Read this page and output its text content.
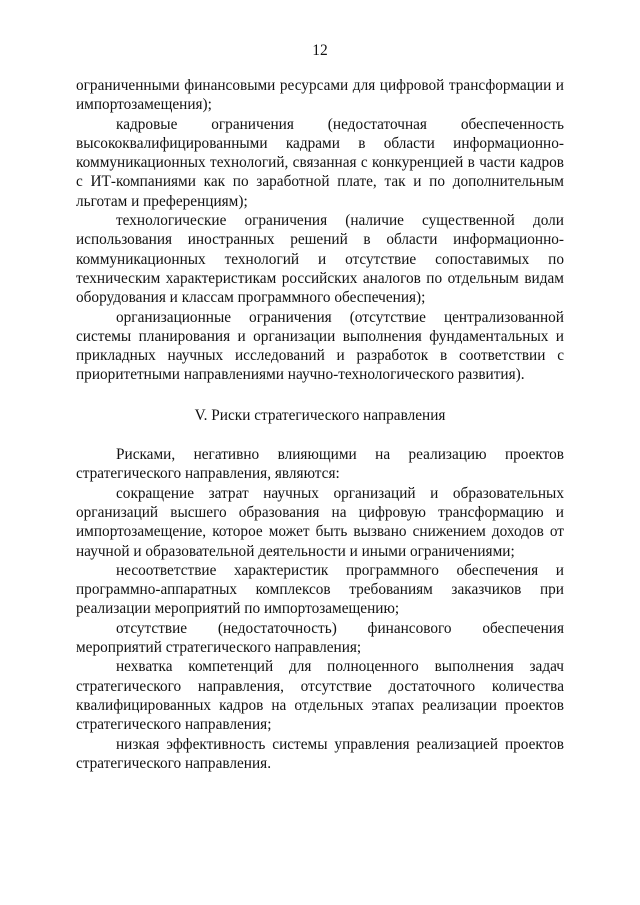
12

ограниченными финансовыми ресурсами для цифровой трансформации и импортозамещения);

кадровые ограничения (недостаточная обеспеченность высококвалифицированными кадрами в области информационно-коммуникационных технологий, связанная с конкуренцией в части кадров с ИТ-компаниями как по заработной плате, так и по дополнительным льготам и преференциям);

технологические ограничения (наличие существенной доли использования иностранных решений в области информационно-коммуникационных технологий и отсутствие сопоставимых по техническим характеристикам российских аналогов по отдельным видам оборудования и классам программного обеспечения);

организационные ограничения (отсутствие централизованной системы планирования и организации выполнения фундаментальных и прикладных научных исследований и разработок в соответствии с приоритетными направлениями научно-технологического развития).

V. Риски стратегического направления

Рисками, негативно влияющими на реализацию проектов стратегического направления, являются:

сокращение затрат научных организаций и образовательных организаций высшего образования на цифровую трансформацию и импортозамещение, которое может быть вызвано снижением доходов от научной и образовательной деятельности и иными ограничениями;

несоответствие характеристик программного обеспечения и программно-аппаратных комплексов требованиям заказчиков при реализации мероприятий по импортозамещению;

отсутствие (недостаточность) финансового обеспечения мероприятий стратегического направления;

нехватка компетенций для полноценного выполнения задач стратегического направления, отсутствие достаточного количества квалифицированных кадров на отдельных этапах реализации проектов стратегического направления;

низкая эффективность системы управления реализацией проектов стратегического направления.
